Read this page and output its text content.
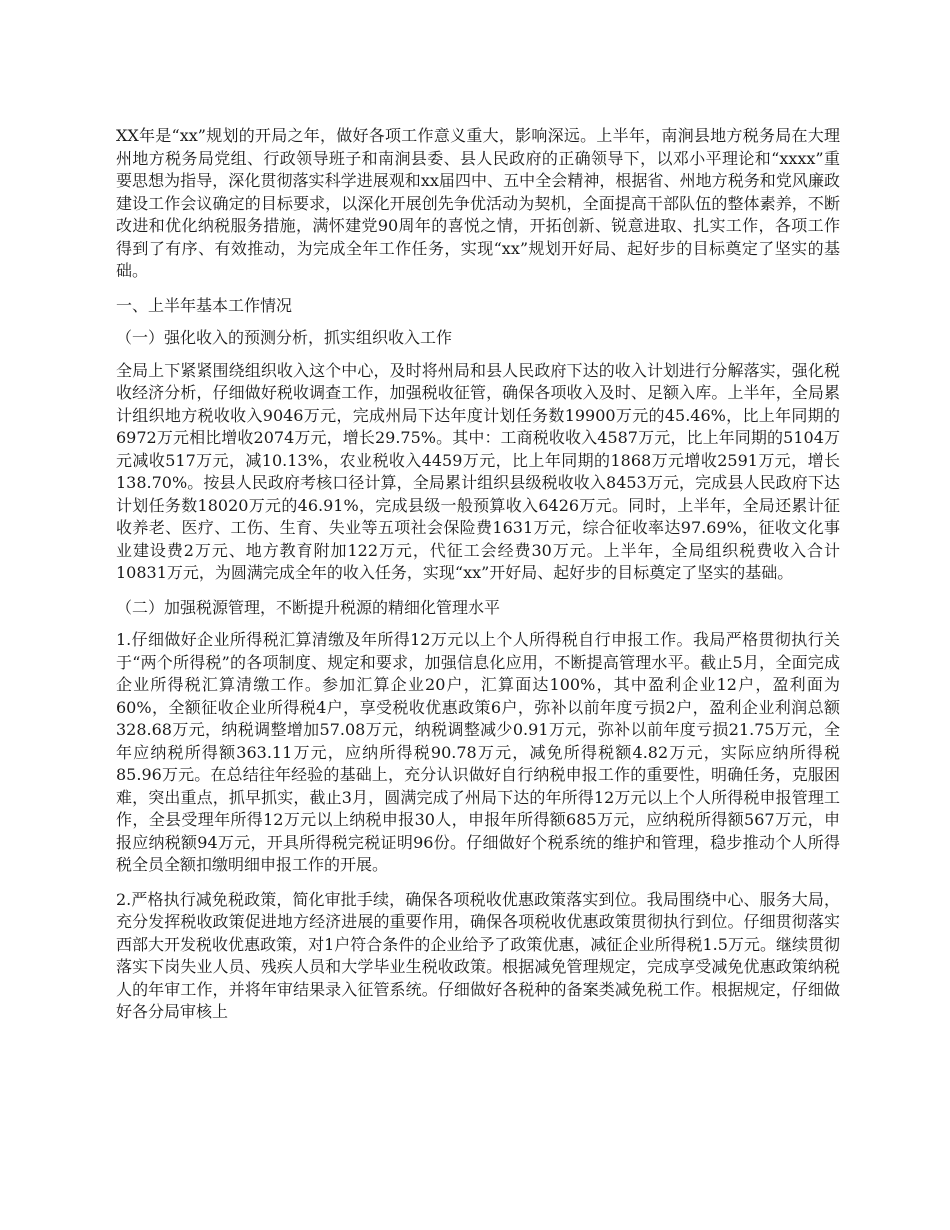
XX年是“xx”规划的开局之年，做好各项工作意义重大，影响深远。上半年，南涧县地方税务局在大理州地方税务局党组、行政领导班子和南涧县委、县人民政府的正确领导下，以邓小平理论和“xxxx”重要思想为指导，深化贯彻落实科学进展观和xx届四中、五中全会精神，根据省、州地方税务和党风廉政建设工作会议确定的目标要求，以深化开展创先争优活动为契机，全面提高干部队伍的整体素养，不断改进和优化纳税服务措施，满怀建党90周年的喜悦之情，开拓创新、锐意进取、扎实工作，各项工作得到了有序、有效推动，为完成全年工作任务，实现“xx”规划开好局、起好步的目标奠定了坚实的基础。

一、上半年基本工作情况

（一）强化收入的预测分析，抓实组织收入工作

全局上下紧紧围绕组织收入这个中心，及时将州局和县人民政府下达的收入计划进行分解落实，强化税收经济分析，仔细做好税收调查工作，加强税收征管，确保各项收入及时、足额入库。上半年，全局累计组织地方税收收入9046万元，完成州局下达年度计划任务数19900万元的45.46%，比上年同期的6972万元相比增收2074万元，增长29.75%。其中：工商税收收入4587万元，比上年同期的5104万元减收517万元，减10.13%，农业税收入4459万元，比上年同期的1868万元增收2591万元，增长138.70%。按县人民政府考核口径计算，全局累计组织县级税收收入8453万元，完成县人民政府下达计划任务数18020万元的46.91%，完成县级一般预算收入6426万元。同时，上半年，全局还累计征收养老、医疗、工伤、生育、失业等五项社会保险费1631万元，综合征收率达97.69%，征收文化事业建设费2万元、地方教育附加122万元，代征工会经费30万元。上半年，全局组织税费收入合计10831万元，为圆满完成全年的收入任务，实现“xx”开好局、起好步的目标奠定了坚实的基础。

（二）加强税源管理，不断提升税源的精细化管理水平

1.仔细做好企业所得税汇算清缴及年所得12万元以上个人所得税自行申报工作。我局严格贯彻执行关于“两个所得税”的各项制度、规定和要求，加强信息化应用，不断提高管理水平。截止5月，全面完成企业所得税汇算清缴工作。参加汇算企业20户，汇算面达100%，其中盈利企业12户，盈利面为60%，全额征收企业所得税4户，享受税收优惠政策6户，弥补以前年度亏损2户，盈利企业利润总额328.68万元，纳税调整增加57.08万元，纳税调整减少0.91万元，弥补以前年度亏损21.75万元，全年应纳税所得额363.11万元，应纳所得税90.78万元，减免所得税额4.82万元，实际应纳所得税85.96万元。在总结往年经验的基础上，充分认识做好自行纳税申报工作的重要性，明确任务，克服困难，突出重点，抓早抓实，截止3月，圆满完成了州局下达的年所得12万元以上个人所得税申报管理工作，全县受理年所得12万元以上纳税申报30人，申报年所得额685万元，应纳税所得额567万元，申报应纳税额94万元，开具所得税完税证明96份。仔细做好个税系统的维护和管理，稳步推动个人所得税全员全额扣缴明细申报工作的开展。

2.严格执行减免税政策，简化审批手续，确保各项税收优惠政策落实到位。我局围绕中心、服务大局，充分发挥税收政策促进地方经济进展的重要作用，确保各项税收优惠政策贯彻执行到位。仔细贯彻落实西部大开发税收优惠政策，对1户符合条件的企业给予了政策优惠，减征企业所得税1.5万元。继续贯彻落实下岗失业人员、残疾人员和大学毕业生税收政策。根据减免管理规定，完成享受减免优惠政策纳税人的年审工作，并将年审结果录入征管系统。仔细做好各税种的备案类减免税工作。根据规定，仔细做好各分局审核上
